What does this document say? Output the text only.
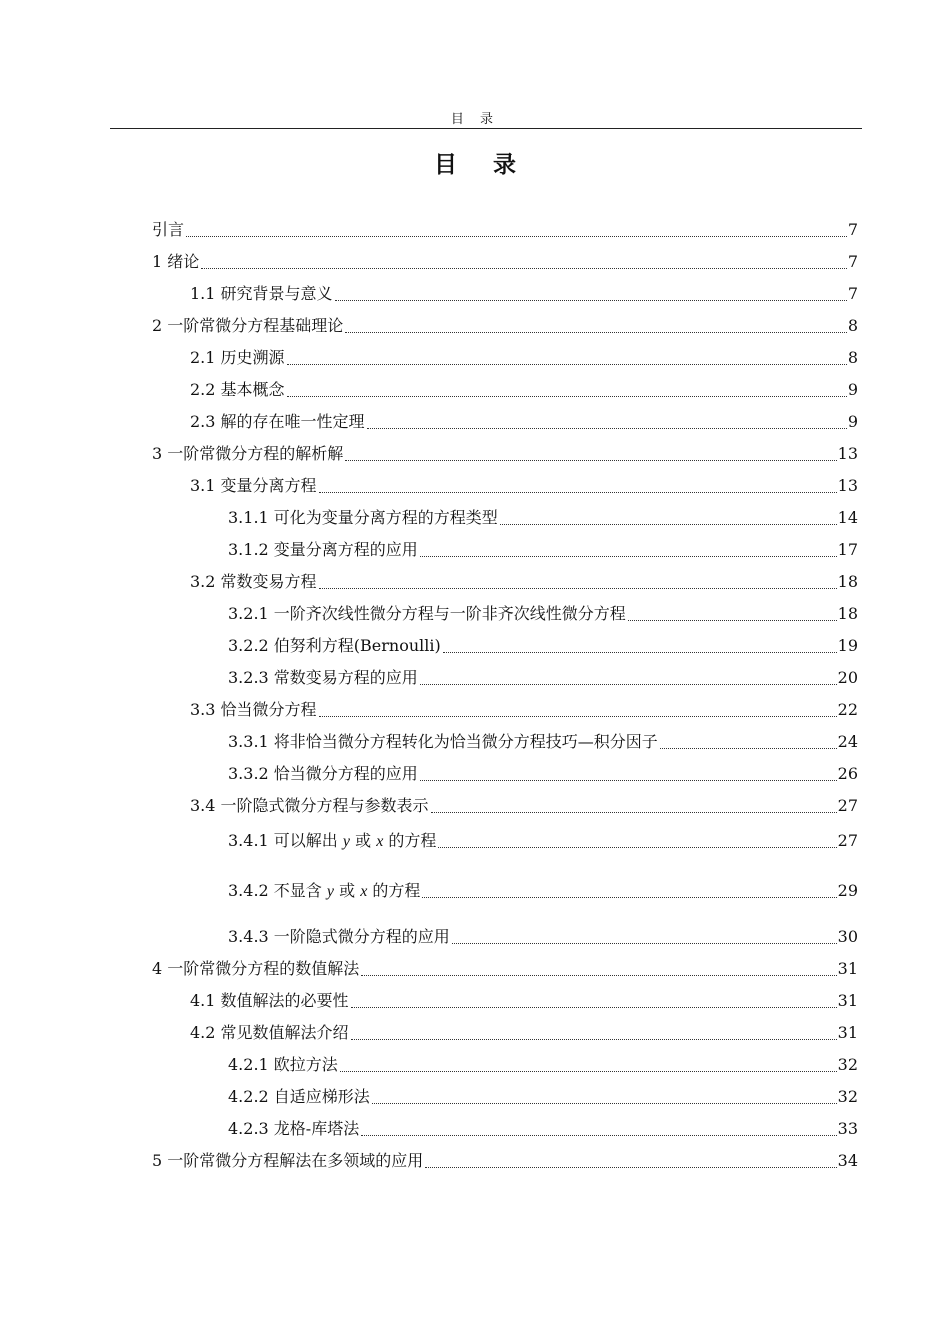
目 录
目 录
引言	7
1 绪论	7
1.1 研究背景与意义	7
2 一阶常微分方程基础理论	8
2.1 历史溯源	8
2.2 基本概念	9
2.3 解的存在唯一性定理	9
3 一阶常微分方程的解析解	13
3.1 变量分离方程	13
3.1.1 可化为变量分离方程的方程类型	14
3.1.2 变量分离方程的应用	17
3.2 常数变易方程	18
3.2.1 一阶齐次线性微分方程与一阶非齐次线性微分方程	18
3.2.2 伯努利方程(Bernoulli)	19
3.2.3 常数变易方程的应用	20
3.3 恰当微分方程	22
3.3.1 将非恰当微分方程转化为恰当微分方程技巧—积分因子	24
3.3.2 恰当微分方程的应用	26
3.4 一阶隐式微分方程与参数表示	27
3.4.1 可以解出 y 或 x 的方程	27
3.4.2 不显含 y 或 x 的方程	29
3.4.3 一阶隐式微分方程的应用	30
4 一阶常微分方程的数值解法	31
4.1 数值解法的必要性	31
4.2 常见数值解法介绍	31
4.2.1 欧拉方法	32
4.2.2 自适应梯形法	32
4.2.3 龙格-库塔法	33
5 一阶常微分方程解法在多领域的应用	34
